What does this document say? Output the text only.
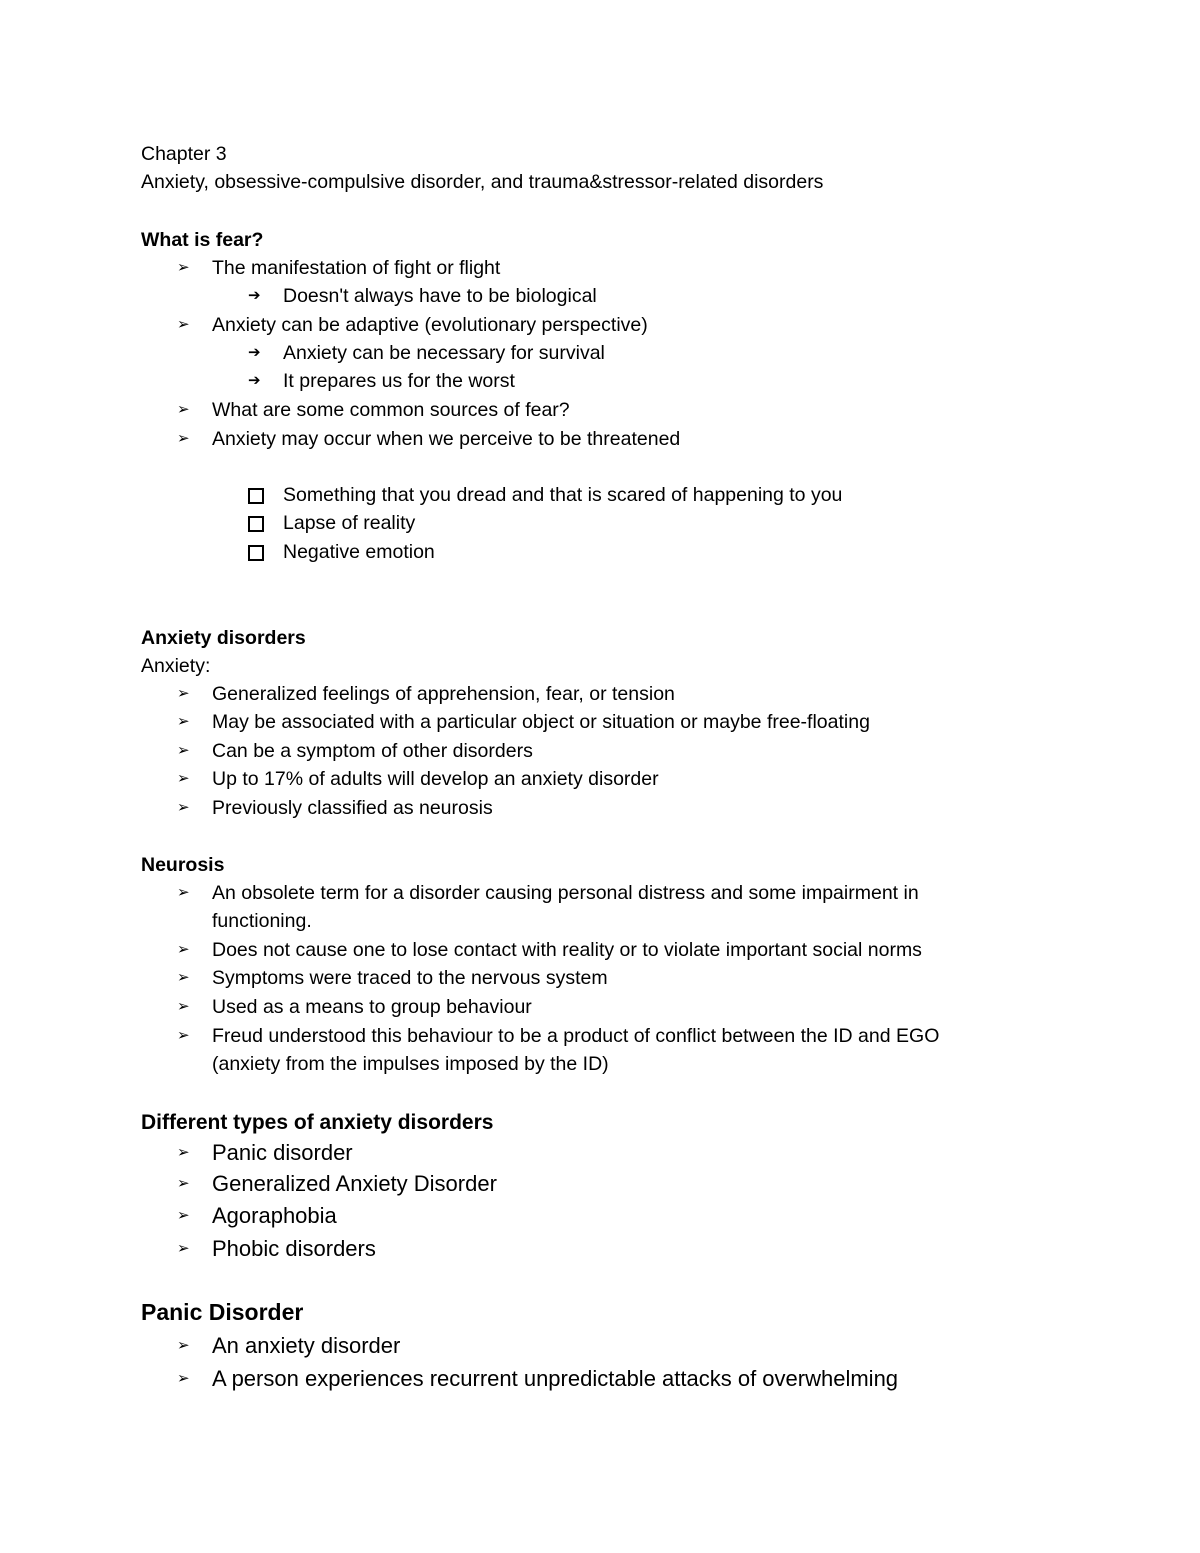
Chapter 3
Anxiety, obsessive-compulsive disorder, and trauma&stressor-related disorders
What is fear?
➢ The manifestation of fight or flight
➔ Doesn't always have to be biological
➢ Anxiety can be adaptive (evolutionary perspective)
➔ Anxiety can be necessary for survival
➔ It prepares us for the worst
➢ What are some common sources of fear?
➢ Anxiety may occur when we perceive to be threatened
Something that you dread and that is scared of happening to you
Lapse of reality
Negative emotion
Anxiety disorders
Anxiety:
➢ Generalized feelings of apprehension, fear, or tension
➢ May be associated with a particular object or situation or maybe free-floating
➢ Can be a symptom of other disorders
➢ Up to 17% of adults will develop an anxiety disorder
➢ Previously classified as neurosis
Neurosis
➢ An obsolete term for a disorder causing personal distress and some impairment in
functioning.
➢ Does not cause one to lose contact with reality or to violate important social norms
➢ Symptoms were traced to the nervous system
➢ Used as a means to group behaviour
➢ Freud understood this behaviour to be a product of conflict between the ID and EGO
(anxiety from the impulses imposed by the ID)
Different types of anxiety disorders
➢ Panic disorder
➢ Generalized Anxiety Disorder
➢ Agoraphobia
➢ Phobic disorders
Panic Disorder
➢ An anxiety disorder
➢ A person experiences recurrent unpredictable attacks of overwhelming
